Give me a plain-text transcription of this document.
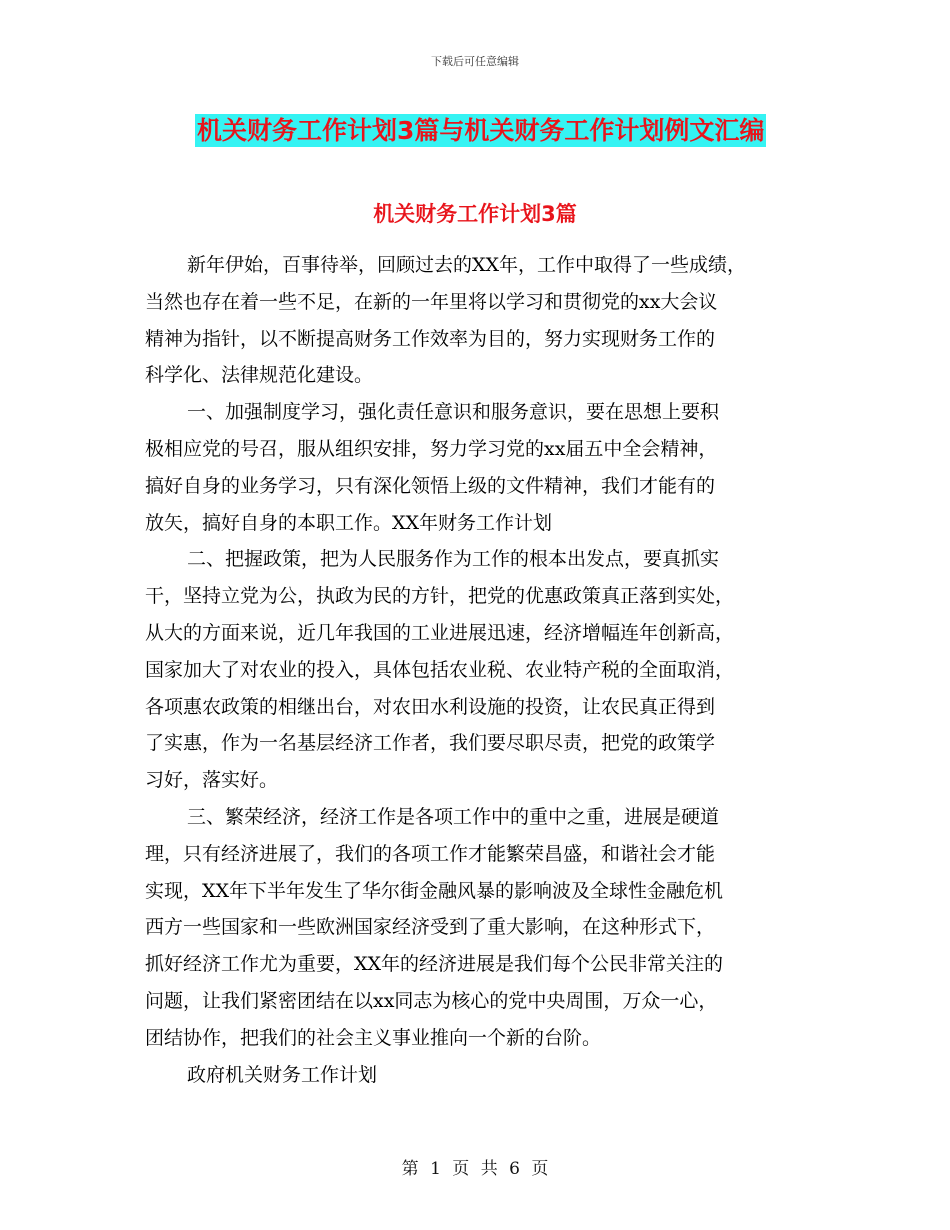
下载后可任意编辑
机关财务工作计划3篇与机关财务工作计划例文汇编
机关财务工作计划3篇

新年伊始，百事待举，回顾过去的XX年，工作中取得了一些成绩，
当然也存在着一些不足，在新的一年里将以学习和贯彻党的xx大会议
精神为指针，以不断提高财务工作效率为目的，努力实现财务工作的
科学化、法律规范化建设。

一、加强制度学习，强化责任意识和服务意识，要在思想上要积
极相应党的号召，服从组织安排，努力学习党的xx届五中全会精神，
搞好自身的业务学习，只有深化领悟上级的文件精神，我们才能有的
放矢，搞好自身的本职工作。XX年财务工作计划

二、把握政策，把为人民服务作为工作的根本出发点，要真抓实
干，坚持立党为公，执政为民的方针，把党的优惠政策真正落到实处，
从大的方面来说，近几年我国的工业进展迅速，经济增幅连年创新高，
国家加大了对农业的投入，具体包括农业税、农业特产税的全面取消，
各项惠农政策的相继出台，对农田水利设施的投资，让农民真正得到
了实惠，作为一名基层经济工作者，我们要尽职尽责，把党的政策学
习好，落实好。

三、繁荣经济，经济工作是各项工作中的重中之重，进展是硬道
理，只有经济进展了，我们的各项工作才能繁荣昌盛，和谐社会才能
实现，XX年下半年发生了华尔街金融风暴的影响波及全球性金融危机
西方一些国家和一些欧洲国家经济受到了重大影响，在这种形式下，
抓好经济工作尤为重要，XX年的经济进展是我们每个公民非常关注的
问题，让我们紧密团结在以xx同志为核心的党中央周围，万众一心，
团结协作，把我们的社会主义事业推向一个新的台阶。

政府机关财务工作计划

第 1 页 共 6 页
